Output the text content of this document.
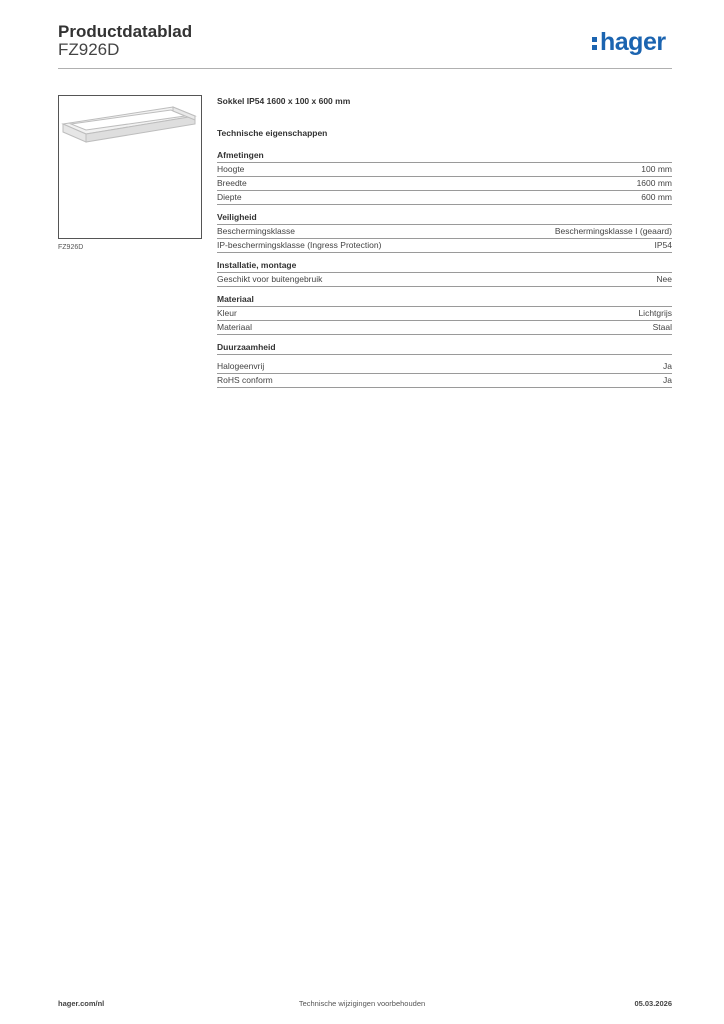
Productdatablad
FZ926D	hager
FZ926D
Sokkel IP54 1600 x 100 x 600 mm
Technische eigenschappen
Afmetingen
Hoogte	100 mm
Breedte	1600 mm
Diepte	600 mm
Veiligheid
Beschermingsklasse	Beschermingsklasse I (geaard)
IP-beschermingsklasse (Ingress Protection)	IP54
Installatie, montage
Geschikt voor buitengebruik	Nee
Materiaal
Kleur	Lichtgrijs
Materiaal	Staal
Duurzaamheid
Halogeenvrij	Ja
RoHS conform	Ja
hager.com/nl	Technische wijzigingen voorbehouden	05.03.2026
